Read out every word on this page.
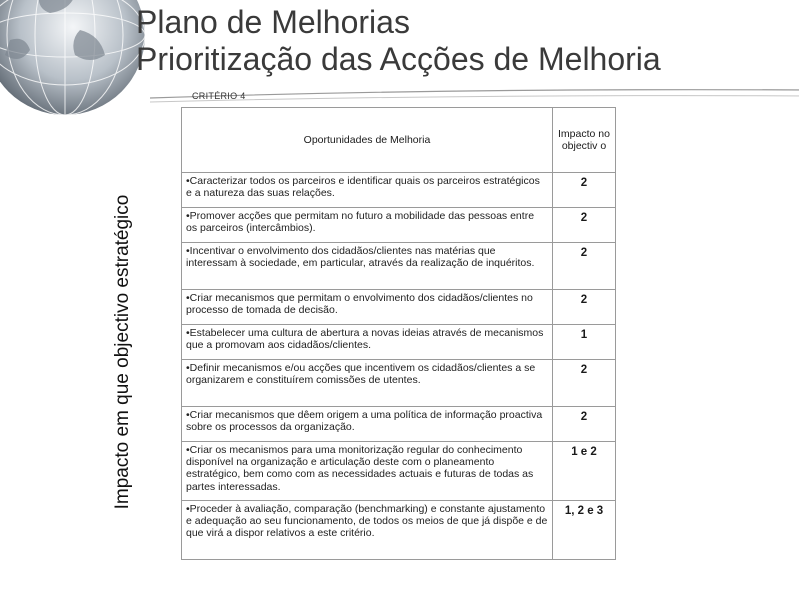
Plano de Melhorias
Prioritização das Acções de Melhoria
CRITÉRIO 4
Impacto em que objectivo estratégico
Oportunidades de Melhoria	Impacto no objectiv o
•Caracterizar todos os parceiros e identificar quais os parceiros estratégicos e a natureza das suas relações.	2
•Promover acções que permitam no futuro a mobilidade das pessoas entre os parceiros (intercâmbios).	2
•Incentivar o envolvimento dos cidadãos/clientes nas matérias que interessam à sociedade, em particular, através da realização de inquéritos.	2
•Criar mecanismos que permitam o envolvimento dos cidadãos/clientes no processo de tomada de decisão.	2
•Estabelecer uma cultura de abertura a novas ideias através de mecanismos que a promovam aos cidadãos/clientes.	1
•Definir mecanismos e/ou acções que incentivem os cidadãos/clientes a se organizarem e constituírem comissões de utentes.	2
•Criar mecanismos que dêem origem a uma política de informação proactiva sobre os processos da organização.	2
•Criar os mecanismos para uma monitorização regular do conhecimento disponível na organização e articulação deste com o planeamento estratégico, bem como com as necessidades actuais e futuras de todas as partes interessadas.	1 e 2
•Proceder à avaliação, comparação (benchmarking) e constante ajustamento e adequação ao seu funcionamento, de todos os meios de que já dispõe e de que virá a dispor relativos a este critério.	1, 2 e 3
